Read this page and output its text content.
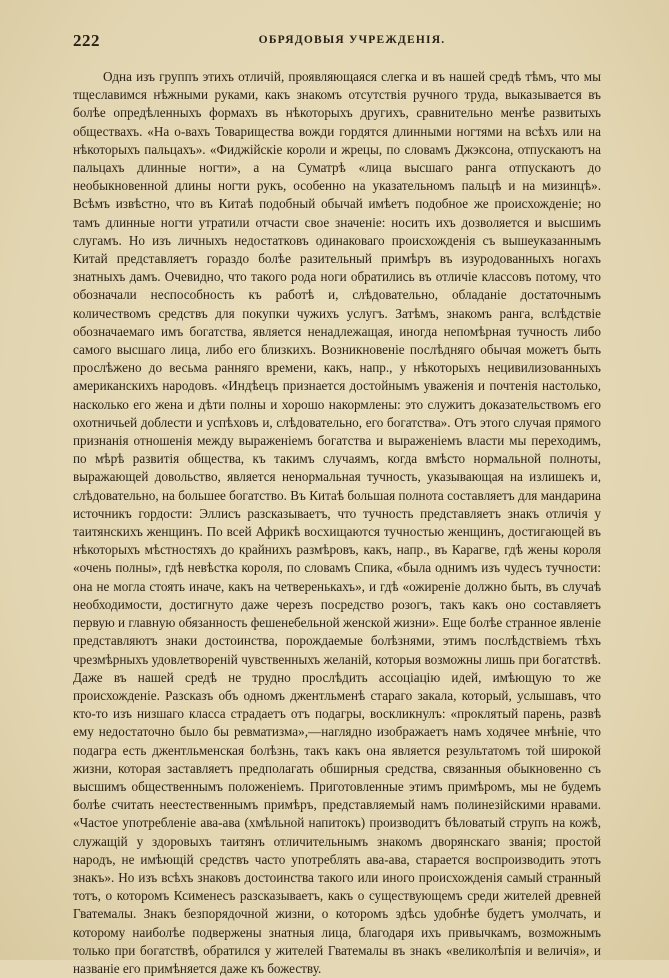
222	ОБРЯДОВЫЯ УЧРЕЖДЕНІЯ.

Одна изъ группъ этихъ отличій, проявляющаяся слегка и въ нашей средѣ тѣмъ, что мы тщеславимся нѣжными руками, какъ знакомъ отсутствія ручного труда, выказывается въ болѣе опредѣленныхъ формахъ въ нѣкоторыхъ другихъ, сравнительно менѣе развитыхъ обществахъ. «На о-вахъ Товарищества вожди гордятся длинными ногтями на всѣхъ или на нѣкоторыхъ пальцахъ». «Фиджійскіе короли и жрецы, по словамъ Джэксона, отпускаютъ на пальцахъ длинные ногти», а на Суматрѣ «лица высшаго ранга отпускаютъ до необыкновенной длины ногти рукъ, особенно на указательномъ пальцѣ и на мизинцѣ». Всѣмъ извѣстно, что въ Китаѣ подобный обычай имѣетъ подобное же происхожденіе; но тамъ длинные ногти утратили отчасти свое значеніе: носить ихъ дозволяется и высшимъ слугамъ. Но изъ личныхъ недостатковъ одинаковаго происхожденія съ вышеуказаннымъ Китай представляетъ гораздо болѣе разительный примѣръ въ изуродованныхъ ногахъ знатныхъ дамъ. Очевидно, что такого рода ноги обратились въ отличіе классовъ потому, что обозначали неспособность къ работѣ и, слѣдовательно, обладаніе достаточнымъ количествомъ средствъ для покупки чужихъ услугъ. Затѣмъ, знакомъ ранга, вслѣдствіе обозначаемаго имъ богатства, является ненадлежащая, иногда непомѣрная тучность либо самого высшаго лица, либо его близкихъ. Возникновеніе послѣдняго обычая можетъ быть прослѣжено до весьма ранняго времени, какъ, напр., у нѣкоторыхъ нецивилизованныхъ американскихъ народовъ. «Индѣецъ признается достойнымъ уваженія и почтенія настолько, насколько его жена и дѣти полны и хорошо накормлены: это служитъ доказательствомъ его охотничьей доблести и успѣховъ и, слѣдовательно, его богатства». Отъ этого случая прямого признанія отношенія между выраженіемъ богатства и выраженіемъ власти мы переходимъ, по мѣрѣ развитія общества, къ такимъ случаямъ, когда вмѣсто нормальной полноты, выражающей довольство, является ненормальная тучность, указывающая на излишекъ и, слѣдовательно, на большее богатство. Въ Китаѣ большая полнота составляетъ для мандарина источникъ гордости: Эллисъ разсказываетъ, что тучность представляетъ знакъ отличія у таитянскихъ женщинъ. По всей Африкѣ восхищаются тучностью женщинъ, достигающей въ нѣкоторыхъ мѣстностяхъ до крайнихъ размѣровъ, какъ, напр., въ Карагве, гдѣ жены короля «очень полны», гдѣ невѣстка короля, по словамъ Спика, «была однимъ изъ чудесъ тучности: она не могла стоять иначе, какъ на четверенькахъ», и гдѣ «ожиреніе должно быть, въ случаѣ необходимости, достигнуто даже черезъ посредство розогъ, такъ какъ оно составляетъ первую и главную обязанность фешенебельной женской жизни». Еще болѣе странное явленіе представляютъ знаки достоинства, порождаемые болѣзнями, этимъ послѣдствіемъ тѣхъ чрезмѣрныхъ удовлетвореній чувственныхъ желаній, которыя возможны лишь при богатствѣ. Даже въ нашей средѣ не трудно прослѣдить ассоціацію идей, имѣющую то же происхожденіе. Разсказъ объ одномъ джентльменѣ стараго закала, который, услышавъ, что кто-то изъ низшаго класса страдаетъ отъ подагры, воскликнулъ: «проклятый парень, развѣ ему недостаточно было бы ревматизма»,—наглядно изображаетъ намъ ходячее мнѣніе, что подагра есть джентльменская болѣзнь, такъ какъ она является результатомъ той широкой жизни, которая заставляетъ предполагать обширныя средства, связанныя обыкновенно съ высшимъ общественнымъ положеніемъ. Приготовленные этимъ примѣромъ, мы не будемъ болѣе считать неестественнымъ примѣръ, представляемый намъ полинезійскими нравами. «Частое употребленіе ава-ава (хмѣльной напитокъ) производитъ бѣловатый струпъ на кожѣ, служащій у здоровыхъ таитянъ отличительнымъ знакомъ дворянскаго званія; простой народъ, не имѣющій средствъ часто употреблять ава-ава, старается воспроизводить этотъ знакъ». Но изъ всѣхъ знаковъ достоинства такого или иного происхожденія самый странный тотъ, о которомъ Ксименесъ разсказываетъ, какъ о существующемъ среди жителей древней Гватемалы. Знакъ безпорядочной жизни, о которомъ здѣсь удобнѣе будетъ умолчать, и которому наиболѣе подвержены знатныя лица, благодаря ихъ привычкамъ, возможнымъ только при богатствѣ, обратился у жителей Гватемалы въ знакъ «великолѣпія и величія», и названіе его примѣняется даже къ божеству.
